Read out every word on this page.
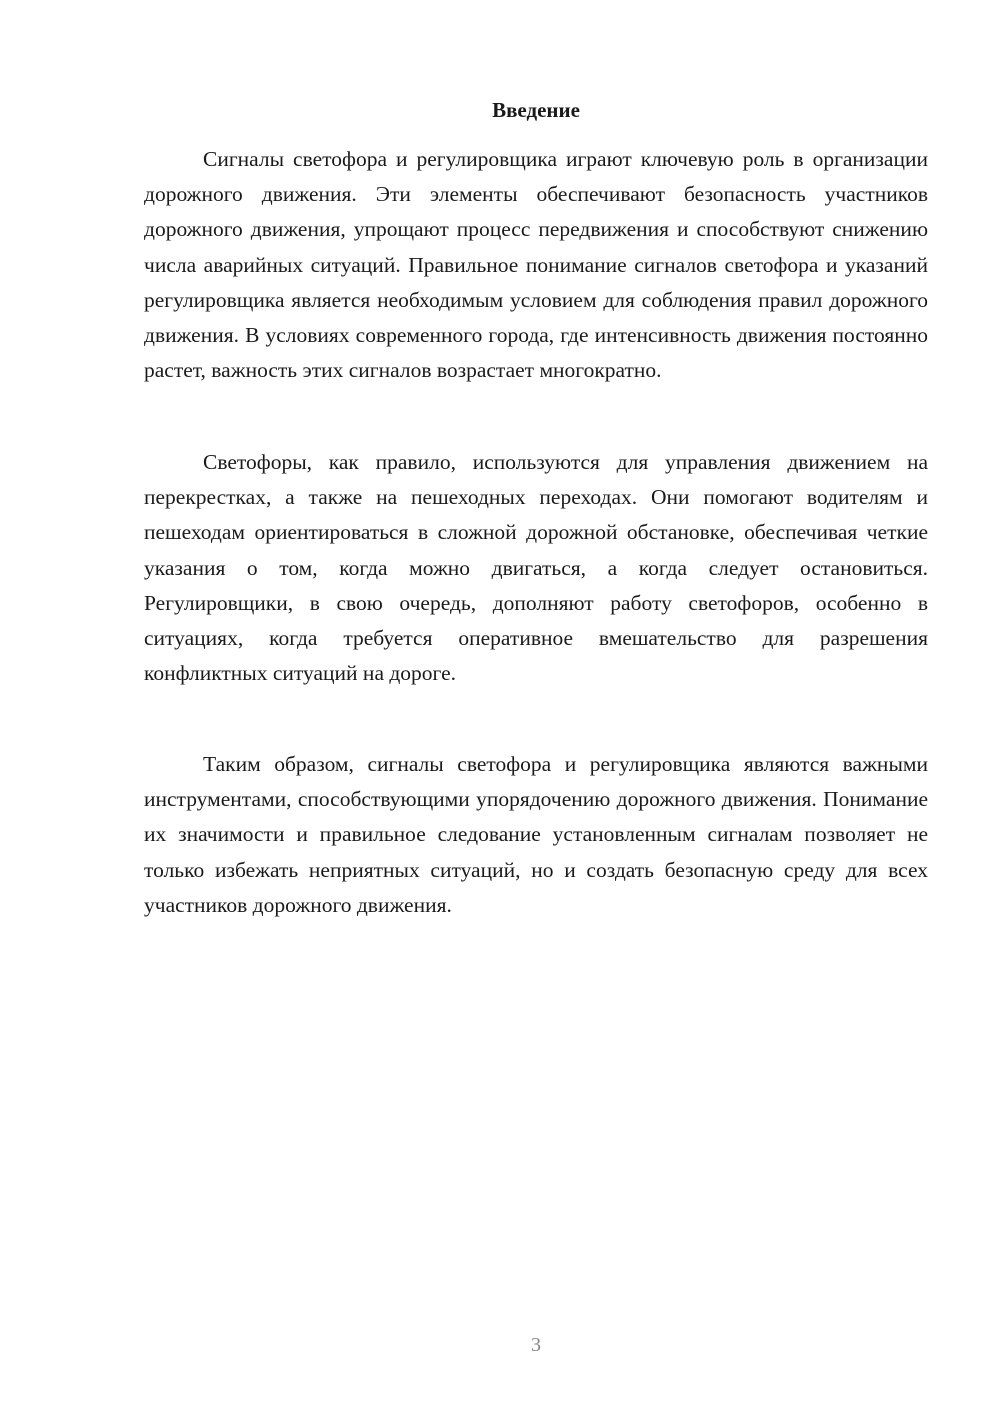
Введение

Сигналы светофора и регулировщика играют ключевую роль в организации дорожного движения. Эти элементы обеспечивают безопасность участников дорожного движения, упрощают процесс передвижения и способствуют снижению числа аварийных ситуаций. Правильное понимание сигналов светофора и указаний регулировщика является необходимым условием для соблюдения правил дорожного движения. В условиях современного города, где интенсивность движения постоянно растет, важность этих сигналов возрастает многократно.

Светофоры, как правило, используются для управления движением на перекрестках, а также на пешеходных переходах. Они помогают водителям и пешеходам ориентироваться в сложной дорожной обстановке, обеспечивая четкие указания о том, когда можно двигаться, а когда следует остановиться. Регулировщики, в свою очередь, дополняют работу светофоров, особенно в ситуациях, когда требуется оперативное вмешательство для разрешения конфликтных ситуаций на дороге.

Таким образом, сигналы светофора и регулировщика являются важными инструментами, способствующими упорядочению дорожного движения. Понимание их значимости и правильное следование установленным сигналам позволяет не только избежать неприятных ситуаций, но и создать безопасную среду для всех участников дорожного движения.

3
